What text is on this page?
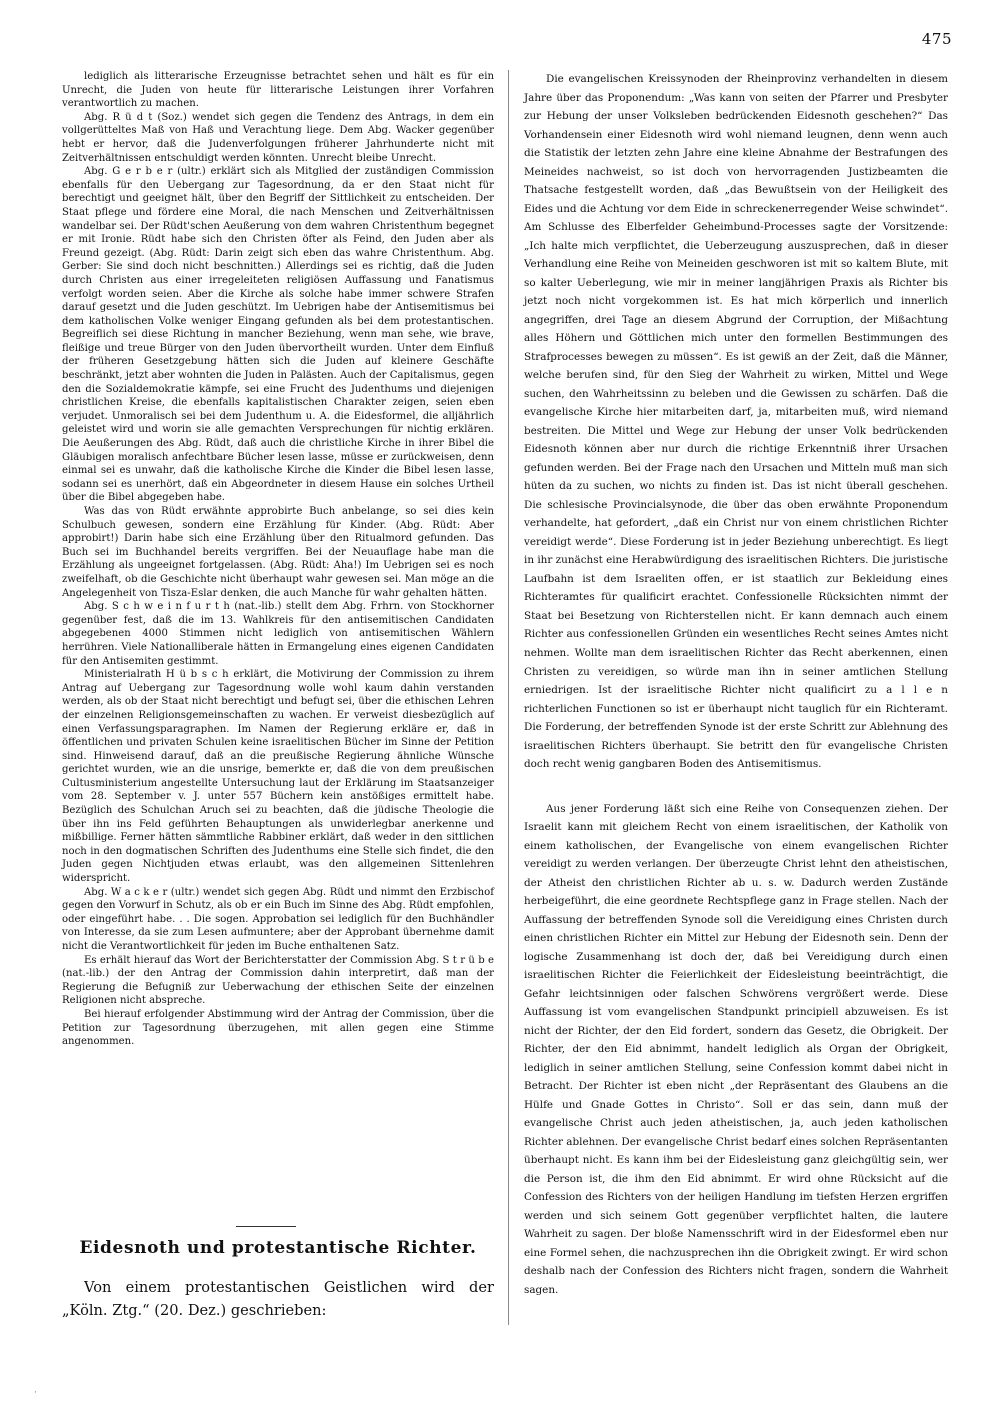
475

lediglich als litterarische Erzeugnisse betrachtet sehen und hält es für ein Unrecht, die Juden von heute für litterarische Leistungen ihrer Vorfahren verantwortlich zu machen.

Abg. R ü d t (Soz.) wendet sich gegen die Tendenz des Antrags, in dem ein vollgerütteltes Maß von Haß und Verachtung liege. Dem Abg. Wacker gegenüber hebt er hervor, daß die Judenverfolgungen früherer Jahrhunderte nicht mit Zeitverhältnissen entschuldigt werden könnten. Unrecht bleibe Unrecht.

Abg. G e r b e r (ultr.) erklärt sich als Mitglied der zuständigen Commission ebenfalls für den Uebergang zur Tagesordnung, da er den Staat nicht für berechtigt und geeignet hält, über den Begriff der Sittlichkeit zu entscheiden. Der Staat pflege und fördere eine Moral, die nach Menschen und Zeitverhältnissen wandelbar sei. Der Rüdt'schen Aeußerung von dem wahren Christenthum begegnet er mit Ironie. Rüdt habe sich den Christen öfter als Feind, den Juden aber als Freund gezeigt. (Abg. Rüdt: Darin zeigt sich eben das wahre Christenthum. Abg. Gerber: Sie sind doch nicht beschnitten.) Allerdings sei es richtig, daß die Juden durch Christen aus einer irregeleiteten religiösen Auffassung und Fanatismus verfolgt worden seien. Aber die Kirche als solche habe immer schwere Strafen darauf gesetzt und die Juden geschützt. Im Uebrigen habe der Antisemitismus bei dem katholischen Volke weniger Eingang gefunden als bei dem protestantischen. Begreiflich sei diese Richtung in mancher Beziehung, wenn man sehe, wie brave, fleißige und treue Bürger von den Juden übervortheilt wurden. Unter dem Einfluß der früheren Gesetzgebung hätten sich die Juden auf kleinere Geschäfte beschränkt, jetzt aber wohnten die Juden in Palästen. Auch der Capitalismus, gegen den die Sozialdemokratie kämpfe, sei eine Frucht des Judenthums und diejenigen christlichen Kreise, die ebenfalls kapitalistischen Charakter zeigen, seien eben verjudet. Unmoralisch sei bei dem Judenthum u. A. die Eidesformel, die alljährlich geleistet wird und worin sie alle gemachten Versprechungen für nichtig erklären. Die Aeußerungen des Abg. Rüdt, daß auch die christliche Kirche in ihrer Bibel die Gläubigen moralisch anfechtbare Bücher lesen lasse, müsse er zurückweisen, denn einmal sei es unwahr, daß die katholische Kirche die Kinder die Bibel lesen lasse, sodann sei es unerhört, daß ein Abgeordneter in diesem Hause ein solches Urtheil über die Bibel abgegeben habe.

Was das von Rüdt erwähnte approbirte Buch anbelange, so sei dies kein Schulbuch gewesen, sondern eine Erzählung für Kinder. (Abg. Rüdt: Aber approbirt!) Darin habe sich eine Erzählung über den Ritualmord gefunden. Das Buch sei im Buchhandel bereits vergriffen. Bei der Neuauflage habe man die Erzählung als ungeeignet fortgelassen. (Abg. Rüdt: Aha!) Im Uebrigen sei es noch zweifelhaft, ob die Geschichte nicht überhaupt wahr gewesen sei. Man möge an die Angelegenheit von Tisza-Eslar denken, die auch Manche für wahr gehalten hätten.

Abg. S c h w e i n f u r t h (nat.-lib.) stellt dem Abg. Frhrn. von Stockhorner gegenüber fest, daß die im 13. Wahlkreis für den antisemitischen Candidaten abgegebenen 4000 Stimmen nicht lediglich von antisemitischen Wählern herrühren. Viele Nationalliberale hätten in Ermangelung eines eigenen Candidaten für den Antisemiten gestimmt.

Ministerialrath H ü b s c h erklärt, die Motivirung der Commission zu ihrem Antrag auf Uebergang zur Tagesordnung wolle wohl kaum dahin verstanden werden, als ob der Staat nicht berechtigt und befugt sei, über die ethischen Lehren der einzelnen Religionsgemeinschaften zu wachen. Er verweist diesbezüglich auf einen Verfassungsparagraphen. Im Namen der Regierung erkläre er, daß in öffentlichen und privaten Schulen keine israelitischen Bücher im Sinne der Petition sind. Hinweisend darauf, daß an die preußische Regierung ähnliche Wünsche gerichtet wurden, wie an die unsrige, bemerkte er, daß die von dem preußischen Cultusministerium angestellte Untersuchung laut der Erklärung im Staatsanzeiger vom 28. September v. J. unter 557 Büchern kein anstößiges ermittelt habe. Bezüglich des Schulchan Aruch sei zu beachten, daß die jüdische Theologie die über ihn ins Feld geführten Behauptungen als unwiderlegbar anerkenne und mißbillige. Ferner hätten sämmtliche Rabbiner erklärt, daß weder in den sittlichen noch in den dogmatischen Schriften des Judenthums eine Stelle sich findet, die den Juden gegen Nichtjuden etwas erlaubt, was den allgemeinen Sittenlehren widerspricht.

Abg. W a c k e r (ultr.) wendet sich gegen Abg. Rüdt und nimmt den Erzbischof gegen den Vorwurf in Schutz, als ob er ein Buch im Sinne des Abg. Rüdt empfohlen, oder eingeführt habe. . . Die sogen. Approbation sei lediglich für den Buchhändler von Interesse, da sie zum Lesen aufmuntere; aber der Approbant übernehme damit nicht die Verantwortlichkeit für jeden im Buche enthaltenen Satz.

Es erhält hierauf das Wort der Berichterstatter der Commission Abg. S t r ü b e (nat.-lib.) der den Antrag der Commission dahin interpretirt, daß man der Regierung die Befugniß zur Ueberwachung der ethischen Seite der einzelnen Religionen nicht abspreche.

Bei hierauf erfolgender Abstimmung wird der Antrag der Commission, über die Petition zur Tagesordnung überzugehen, mit allen gegen eine Stimme angenommen.

Eidesnoth und protestantische Richter.

Von einem protestantischen Geistlichen wird der „Köln. Ztg.“ (20. Dez.) geschrieben:

Die evangelischen Kreissynoden der Rheinprovinz verhandelten in diesem Jahre über das Proponendum: „Was kann von seiten der Pfarrer und Presbyter zur Hebung der unser Volksleben bedrückenden Eidesnoth geschehen?“ Das Vorhandensein einer Eidesnoth wird wohl niemand leugnen, denn wenn auch die Statistik der letzten zehn Jahre eine kleine Abnahme der Bestrafungen des Meineides nachweist, so ist doch von hervorragenden Justizbeamten die Thatsache festgestellt worden, daß „das Bewußtsein von der Heiligkeit des Eides und die Achtung vor dem Eide in schreckenerregender Weise schwindet“. Am Schlusse des Elberfelder Geheimbund-Processes sagte der Vorsitzende: „Ich halte mich verpflichtet, die Ueberzeugung auszusprechen, daß in dieser Verhandlung eine Reihe von Meineiden geschworen ist mit so kaltem Blute, mit so kalter Ueberlegung, wie mir in meiner langjährigen Praxis als Richter bis jetzt noch nicht vorgekommen ist. Es hat mich körperlich und innerlich angegriffen, drei Tage an diesem Abgrund der Corruption, der Mißachtung alles Höhern und Göttlichen mich unter den formellen Bestimmungen des Strafprocesses bewegen zu müssen“. Es ist gewiß an der Zeit, daß die Männer, welche berufen sind, für den Sieg der Wahrheit zu wirken, Mittel und Wege suchen, den Wahrheitssinn zu beleben und die Gewissen zu schärfen. Daß die evangelische Kirche hier mitarbeiten darf, ja, mitarbeiten muß, wird niemand bestreiten. Die Mittel und Wege zur Hebung der unser Volk bedrückenden Eidesnoth können aber nur durch die richtige Erkenntniß ihrer Ursachen gefunden werden. Bei der Frage nach den Ursachen und Mitteln muß man sich hüten da zu suchen, wo nichts zu finden ist. Das ist nicht überall geschehen. Die schlesische Provincialsynode, die über das oben erwähnte Proponendum verhandelte, hat gefordert, „daß ein Christ nur von einem christlichen Richter vereidigt werde“. Diese Forderung ist in jeder Beziehung unberechtigt. Es liegt in ihr zunächst eine Herabwürdigung des israelitischen Richters. Die juristische Laufbahn ist dem Israeliten offen, er ist staatlich zur Bekleidung eines Richteramtes für qualificirt erachtet. Confessionelle Rücksichten nimmt der Staat bei Besetzung von Richterstellen nicht. Er kann demnach auch einem Richter aus confessionellen Gründen ein wesentliches Recht seines Amtes nicht nehmen. Wollte man dem israelitischen Richter das Recht aberkennen, einen Christen zu vereidigen, so würde man ihn in seiner amtlichen Stellung erniedrigen. Ist der israelitische Richter nicht qualificirt zu a l l e n richterlichen Functionen so ist er überhaupt nicht tauglich für ein Richteramt. Die Forderung, der betreffenden Synode ist der erste Schritt zur Ablehnung des israelitischen Richters überhaupt. Sie betritt den für evangelische Christen doch recht wenig gangbaren Boden des Antisemitismus.

Aus jener Forderung läßt sich eine Reihe von Consequenzen ziehen. Der Israelit kann mit gleichem Recht von einem israelitischen, der Katholik von einem katholischen, der Evangelische von einem evangelischen Richter vereidigt zu werden verlangen. Der überzeugte Christ lehnt den atheistischen, der Atheist den christlichen Richter ab u. s. w. Dadurch werden Zustände herbeigeführt, die eine geordnete Rechtspflege ganz in Frage stellen. Nach der Auffassung der betreffenden Synode soll die Vereidigung eines Christen durch einen christlichen Richter ein Mittel zur Hebung der Eidesnoth sein. Denn der logische Zusammenhang ist doch der, daß bei Vereidigung durch einen israelitischen Richter die Feierlichkeit der Eidesleistung beeinträchtigt, die Gefahr leichtsinnigen oder falschen Schwörens vergrößert werde. Diese Auffassung ist vom evangelischen Standpunkt principiell abzuweisen. Es ist nicht der Richter, der den Eid fordert, sondern das Gesetz, die Obrigkeit. Der Richter, der den Eid abnimmt, handelt lediglich als Organ der Obrigkeit, lediglich in seiner amtlichen Stellung, seine Confession kommt dabei nicht in Betracht. Der Richter ist eben nicht „der Repräsentant des Glaubens an die Hülfe und Gnade Gottes in Christo“. Soll er das sein, dann muß der evangelische Christ auch jeden atheistischen, ja, auch jeden katholischen Richter ablehnen. Der evangelische Christ bedarf eines solchen Repräsentanten überhaupt nicht. Es kann ihm bei der Eidesleistung ganz gleichgültig sein, wer die Person ist, die ihm den Eid abnimmt. Er wird ohne Rücksicht auf die Confession des Richters von der heiligen Handlung im tiefsten Herzen ergriffen werden und sich seinem Gott gegenüber verpflichtet halten, die lautere Wahrheit zu sagen. Der bloße Namensschrift wird in der Eidesformel eben nur eine Formel sehen, die nachzusprechen ihn die Obrigkeit zwingt. Er wird schon deshalb nach der Confession des Richters nicht fragen, sondern die Wahrheit sagen.

·
